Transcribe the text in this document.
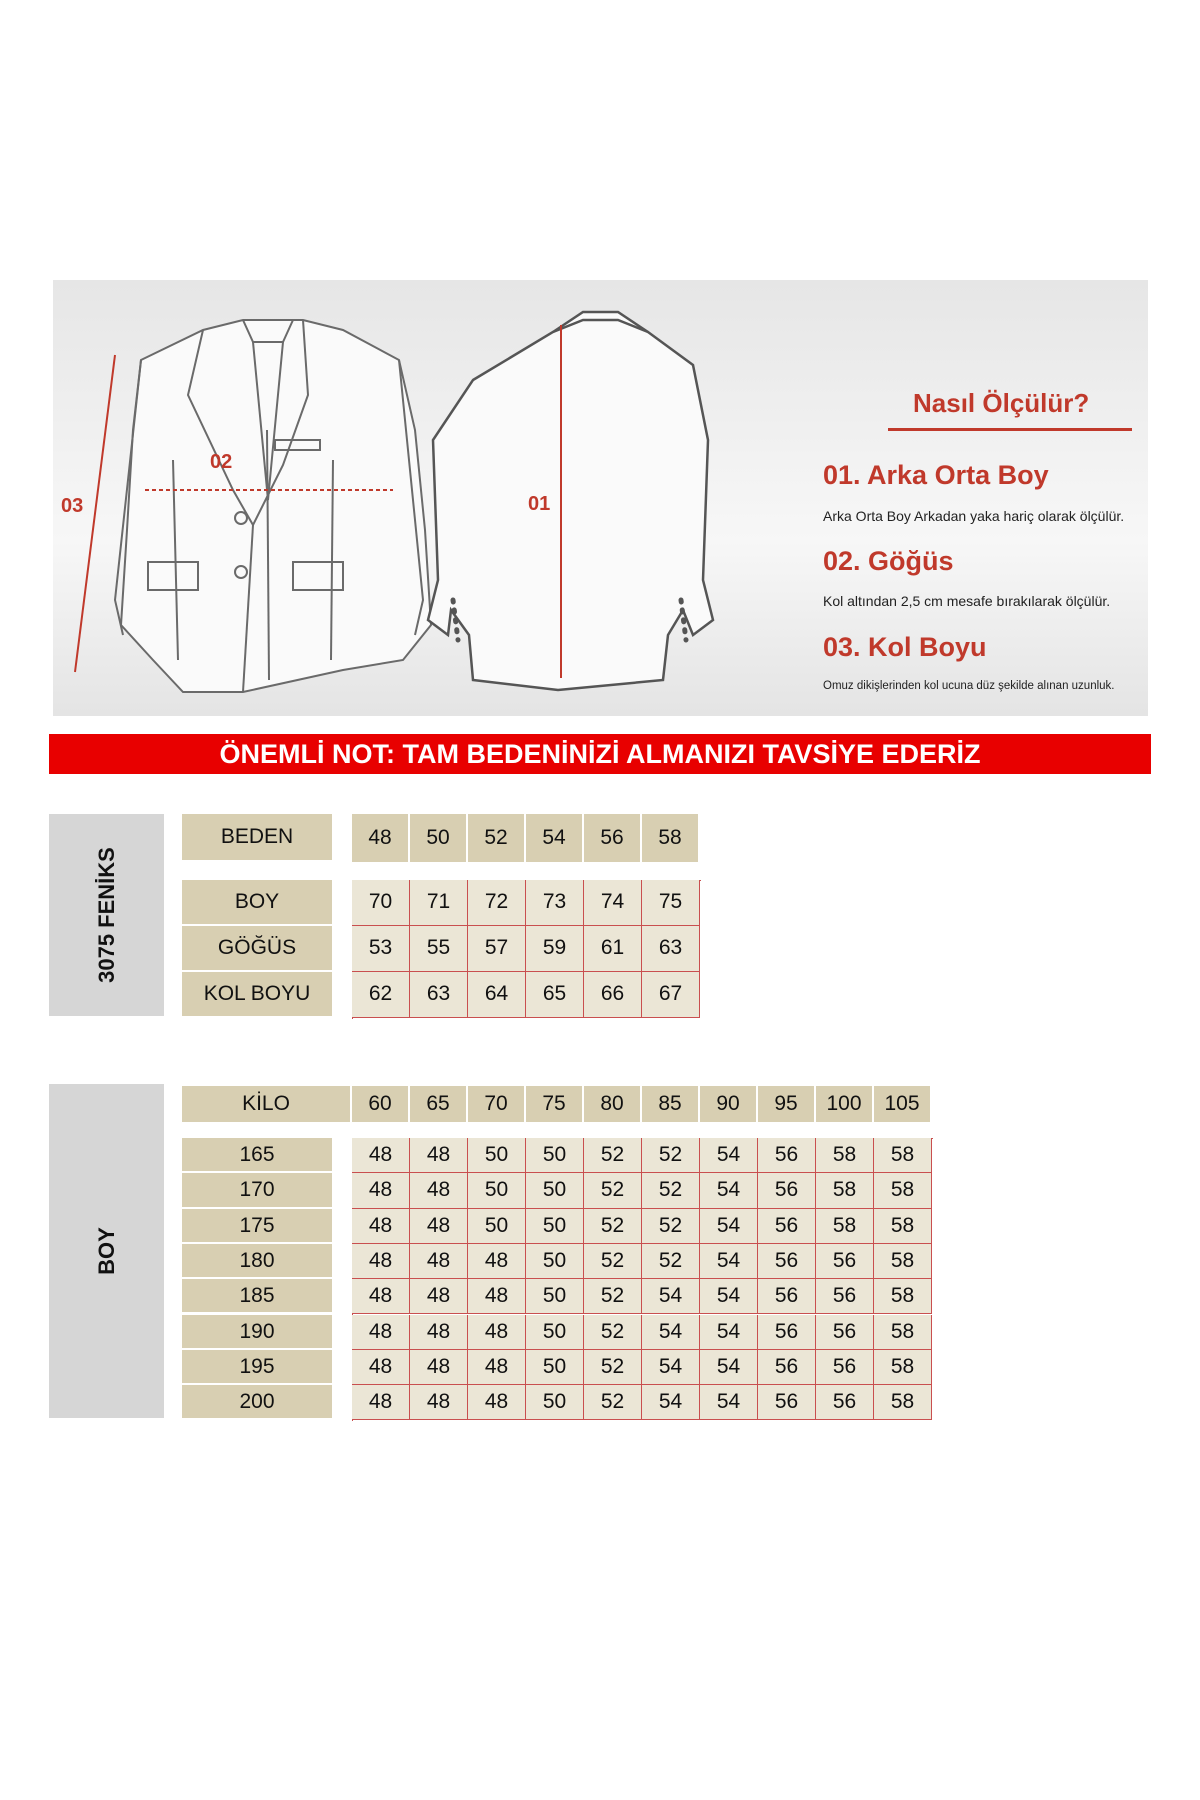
02
03	01
Nasıl Ölçülür?
01. Arka Orta Boy
Arka Orta Boy Arkadan yaka hariç olarak ölçülür.
02. Göğüs
Kol altından 2,5 cm mesafe bırakılarak ölçülür.
03. Kol Boyu
Omuz dikişlerinden kol ucuna düz şekilde alınan uzunluk.
ÖNEMLİ NOT: TAM BEDENİNİZİ ALMANIZI TAVSİYE EDERİZ
3075 FENİKS
BOY
BEDEN	48	50	52	54	56	58
BOY	70	71	72	73	74	75
GÖĞÜS	53	55	57	59	61	63
KOL BOYU	62	63	64	65	66	67
KİLO	60	65	70	75	80	85	90	95	100	105
165	48	48	50	50	52	52	54	56	58	58
170	48	48	50	50	52	52	54	56	58	58
175	48	48	50	50	52	52	54	56	58	58
180	48	48	48	50	52	52	54	56	56	58
185	48	48	48	50	52	54	54	56	56	58
190	48	48	48	50	52	54	54	56	56	58
195	48	48	48	50	52	54	54	56	56	58
200	48	48	48	50	52	54	54	56	56	58
